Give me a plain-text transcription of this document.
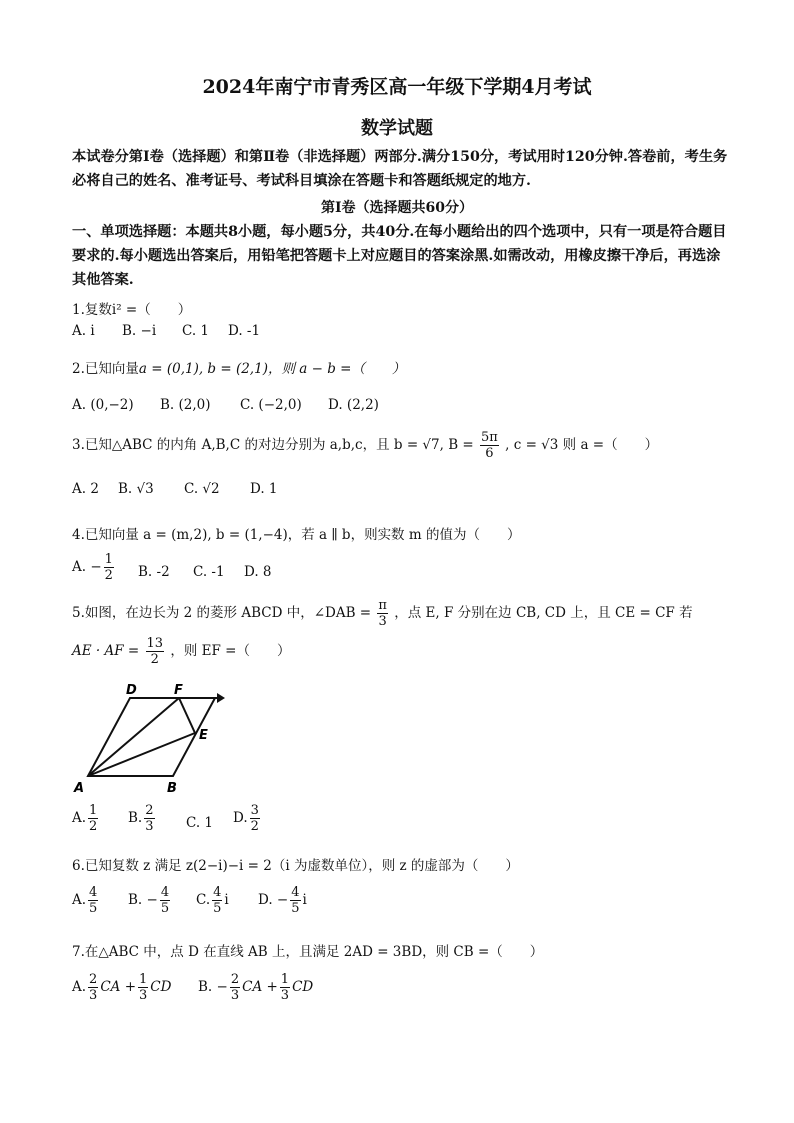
2024年南宁市青秀区高一年级下学期4月考试
数学试题
本试卷分第Ⅰ卷（选择题）和第Ⅱ卷（非选择题）两部分.满分150分，考试用时120分钟.答卷前，考生务必将自己的姓名、准考证号、考试科目填涂在答题卡和答题纸规定的地方.
第Ⅰ卷（选择题共60分）
一、单项选择题：本题共8小题，每小题5分，共40分.在每小题给出的四个选项中，只有一项是符合题目要求的.每小题选出答案后，用铅笔把答题卡上对应题目的答案涂黑.如需改动，用橡皮擦干净后，再选涂其他答案.
1.复数i² =（　　）
A. i B. −i C. 1 D. -1
2.已知向量a = (0,1), b = (2,1)，则 a − b =（　　）
A. (0,−2) B. (2,0) C. (−2,0) D. (2,2)
3.已知△ABC 的内角 A,B,C 的对边分别为 a,b,c，且 b = √7, $B = \frac{5\pi}{6}$ , c = √3 则 a =（　　）
A. 2 B. √3 C. √2 D. 1
4.已知向量 a = (m,2), b = (1,−4)，若 a ∥ b，则实数 m 的值为（　　）
A. − $\frac{1}{2} B$. -2 C. -1 D. 8
5.如图，在边长为 2 的菱形 ABCD 中，∠DAB = $\frac{\pi}{3}$ ，点 E, F 分别在边 CB, CD 上，且 CE = CF 若
AE · AF = $\frac{13}{2}$ ，则 EF =（　　）
D	F
E
A	B
A. $\frac{1}{2} B$. $\frac{2}{3} C$. 1 D. $\frac{3}{2}$
6.已知复数 z 满足 z(2−i)−i = 2（i 为虚数单位），则 z 的虚部为（　　）
A. $\frac{4}{5} B$. − $\frac{4}{5} C$. $\frac{4}{5}$ i D. − $\frac{4}{5}$ i
7.在△ABC 中，点 D 在直线 AB 上，且满足 2AD = 3BD，则 CB =（　　）
A. $\frac{2}{3}$ CA + $\frac{1}{3}$ CD B. − $\frac{2}{3}$ CA + $\frac{1}{3}$ CD
